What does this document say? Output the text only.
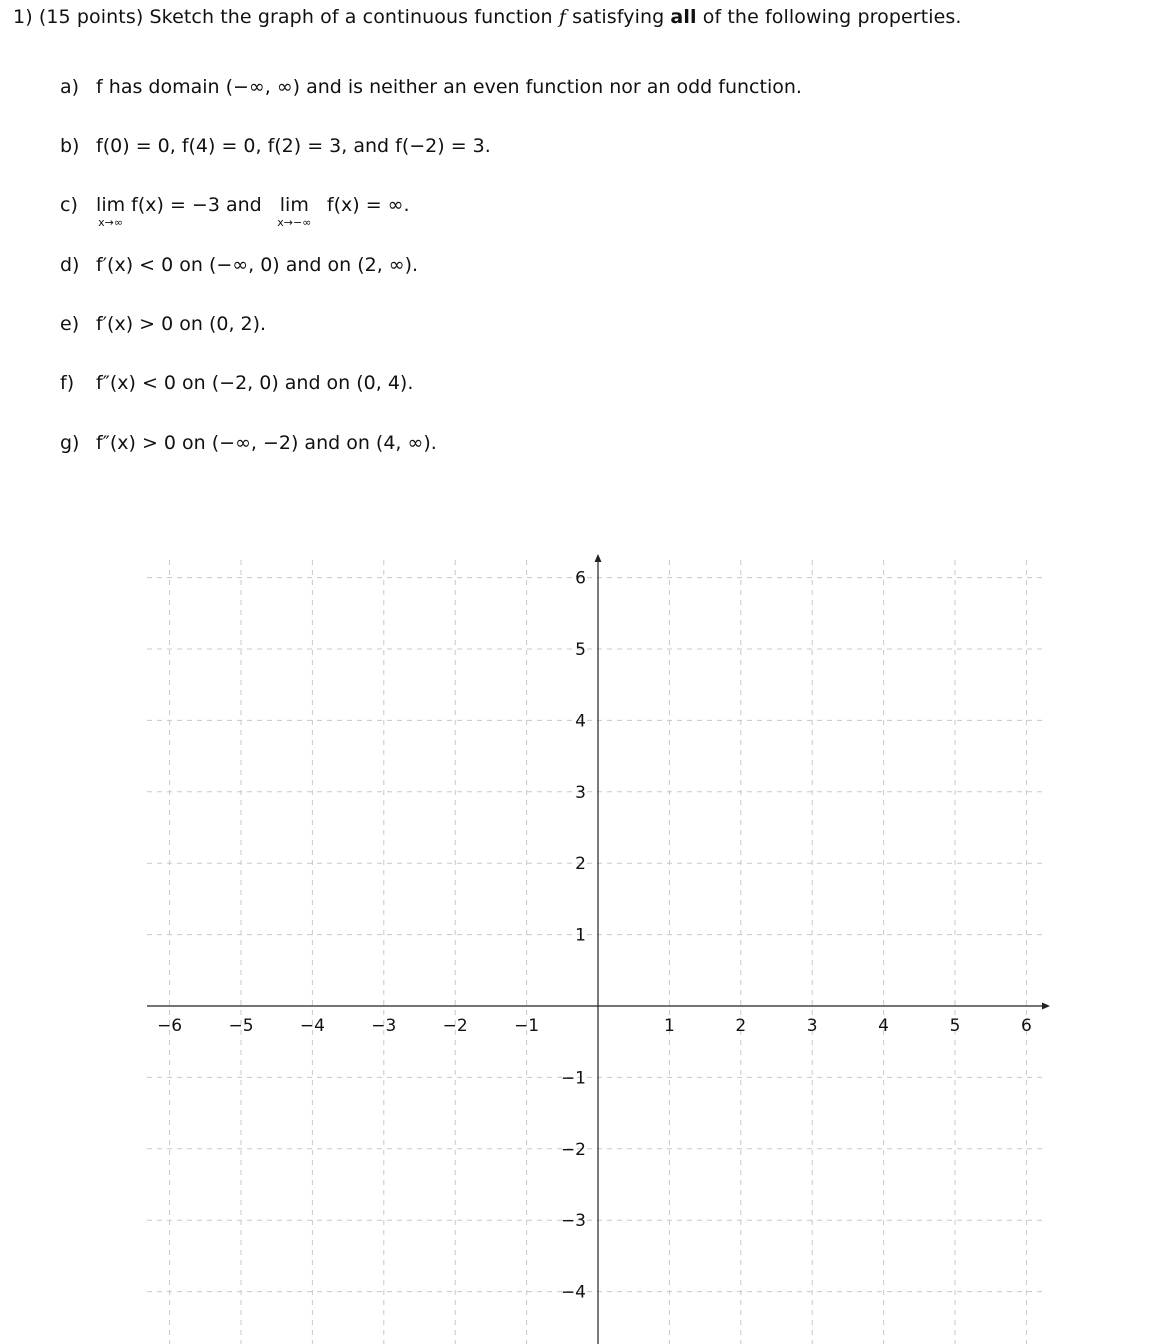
1) (15 points) Sketch the graph of a continuous function f satisfying all of the following properties.
a) f has domain (−∞, ∞) and is neither an even function nor an odd function.
b) f(0) = 0, f(4) = 0, f(2) = 3, and f(−2) = 3.
c) lim
x→∞
f(x) = −3 and lim
x→−∞
f(x) = ∞.
d) f′(x) < 0 on (−∞, 0) and on (2, ∞).
e) f′(x) > 0 on (0, 2).
f) f″(x) < 0 on (−2, 0) and on (0, 4).
g) f″(x) > 0 on (−∞, −2) and on (4, ∞).
−6	−5	−4	−3	−2	−1	1	2	3	4	5	6
6
5
4
3
2
1
−1
−2
−3
−4
